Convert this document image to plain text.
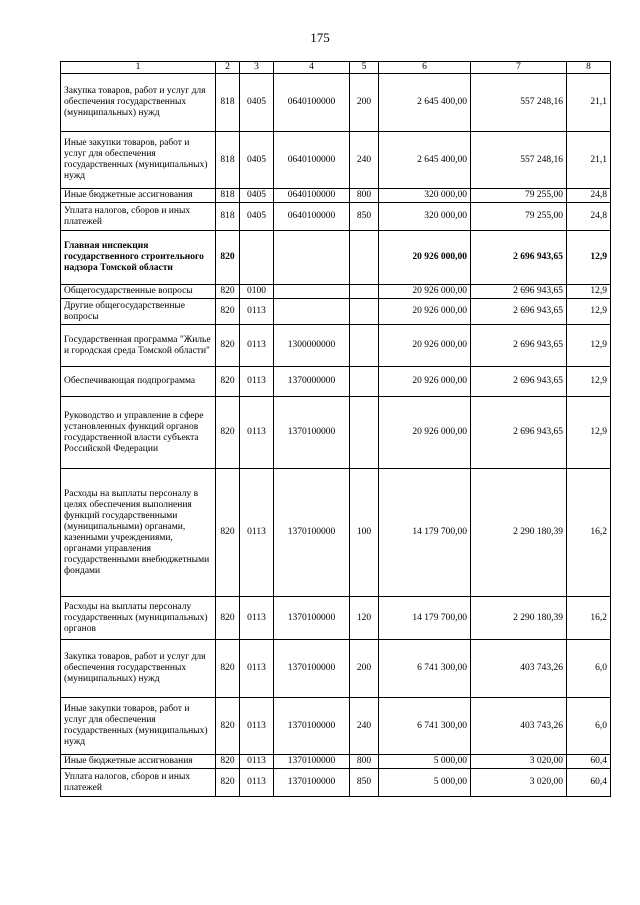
175
1	2	3	4	5	6	7	8
Закупка товаров, работ и услуг для обеспечения государственных (муниципальных) нужд	818	0405	0640100000	200	2 645 400,00	557 248,16	21,1
Иные закупки товаров, работ и услуг для обеспечения государственных (муниципальных) нужд	818	0405	0640100000	240	2 645 400,00	557 248,16	21,1
Иные бюджетные ассигнования	818	0405	0640100000	800	320 000,00	79 255,00	24,8
Уплата налогов, сборов и иных платежей	818	0405	0640100000	850	320 000,00	79 255,00	24,8
Главная инспекция государственного строительного надзора Томской области	820				20 926 000,00	2 696 943,65	12,9
Общегосударственные вопросы	820	0100			20 926 000,00	2 696 943,65	12,9
Другие общегосударственные вопросы	820	0113			20 926 000,00	2 696 943,65	12,9
Государственная программа "Жилье и городская среда Томской области"	820	0113	1300000000		20 926 000,00	2 696 943,65	12,9
Обеспечивающая подпрограмма	820	0113	1370000000		20 926 000,00	2 696 943,65	12,9
Руководство и управление в сфере установленных функций органов государственной власти субъекта Российской Федерации	820	0113	1370100000		20 926 000,00	2 696 943,65	12,9
Расходы на выплаты персоналу в целях обеспечения выполнения функций государственными (муниципальными) органами, казенными учреждениями, органами управления государственными внебюджетными фондами	820	0113	1370100000	100	14 179 700,00	2 290 180,39	16,2
Расходы на выплаты персоналу государственных (муниципальных) органов	820	0113	1370100000	120	14 179 700,00	2 290 180,39	16,2
Закупка товаров, работ и услуг для обеспечения государственных (муниципальных) нужд	820	0113	1370100000	200	6 741 300,00	403 743,26	6,0
Иные закупки товаров, работ и услуг для обеспечения государственных (муниципальных) нужд	820	0113	1370100000	240	6 741 300,00	403 743,26	6,0
Иные бюджетные ассигнования	820	0113	1370100000	800	5 000,00	3 020,00	60,4
Уплата налогов, сборов и иных платежей	820	0113	1370100000	850	5 000,00	3 020,00	60,4
